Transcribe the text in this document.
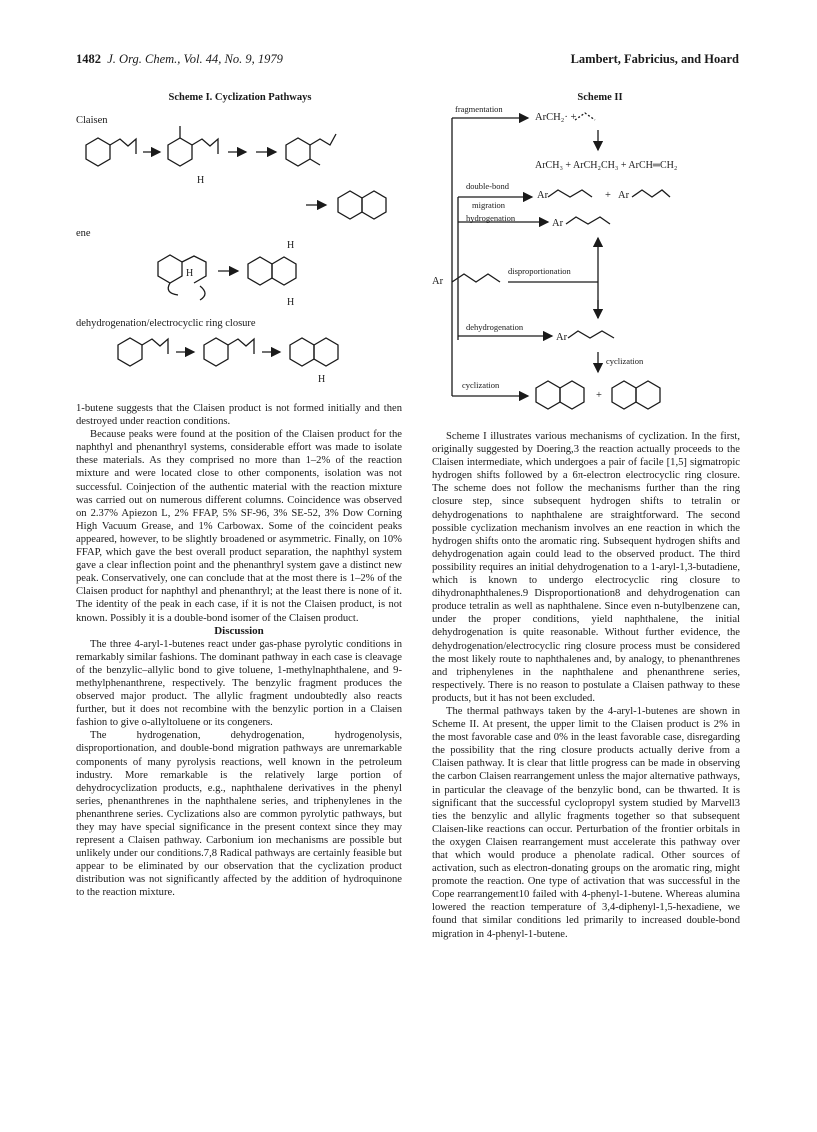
1482 J. Org. Chem., Vol. 44, No. 9, 1979	Lambert, Fabricius, and Hoard
Scheme I. Cyclization Pathways
Claisen
ene
dehydrogenation/electrocyclic ring closure
H
H
H
H
H
Scheme II
fragmentation
ArCH₂· +
ArCH₃ + ArCH₂CH₃ + ArCH═CH₂
double-bond
migration
hydrogenation
Ar	+ Ar
Ar
Ar
disproportionation
dehydrogenation
Ar
cyclization
cyclization
+

1-butene suggests that the Claisen product is not formed initially and then destroyed under reaction conditions.

Because peaks were found at the position of the Claisen product for the naphthyl and phenanthryl systems, considerable effort was made to isolate these materials. As they comprised no more than 1–2% of the reaction mixture and were located close to other components, isolation was not successful. Coinjection of the authentic material with the reaction mixture was carried out on numerous different columns. Coincidence was observed on 2.37% Apiezon L, 2% FFAP, 5% SF-96, 3% SE-52, 3% Dow Corning High Vacuum Grease, and 1% Carbowax. Some of the coincident peaks appeared, however, to be slightly broadened or asymmetric. Finally, on 10% FFAP, which gave the best overall product separation, the naphthyl system gave a clear inflection point and the phenanthryl system gave a distinct new peak. Conservatively, one can conclude that at the most there is 1–2% of the Claisen product for naphthyl and phenanthryl; at the least there is none of it. The identity of the peak in each case, if it is not the Claisen product, is not known. Possibly it is a double-bond isomer of the Claisen product.

Discussion

The three 4-aryl-1-butenes react under gas-phase pyrolytic conditions in remarkably similar fashions. The dominant pathway in each case is cleavage of the benzylic–allylic bond to give toluene, 1-methylnaphthalene, and 9-methylphenanthrene, respectively. The benzylic fragment produces the observed major product. The allylic fragment undoubtedly also reacts further, but it does not recombine with the benzylic portion in a Claisen fashion to give o-allyltoluene or its congeners.

The hydrogenation, dehydrogenation, hydrogenolysis, disproportionation, and double-bond migration pathways are unremarkable components of many pyrolysis reactions, well known in the petroleum industry. More remarkable is the relatively large portion of dehydrocyclization products, e.g., naphthalene derivatives in the phenyl series, phenanthrenes in the naphthalene series, and triphenylenes in the phenanthrene series. Cyclizations also are common pyrolytic pathways, but they may have special significance in the present context since they may represent a Claisen pathway. Carbonium ion mechanisms are possible but unlikely under our conditions.7,8 Radical pathways are certainly feasible but appear to be eliminated by our observation that the cyclization product distribution was not significantly affected by the addition of hydroquinone to the reaction mixture.

Scheme I illustrates various mechanisms of cyclization. In the first, originally suggested by Doering,3 the reaction actually proceeds to the Claisen intermediate, which undergoes a pair of facile [1,5] sigmatropic hydrogen shifts followed by a 6π-electron electrocyclic ring closure. The scheme does not follow the mechanisms further than the ring closure step, since subsequent hydrogen shifts to tetralin or dehydrogenations to naphthalene are straightforward. The second possible cyclization mechanism involves an ene reaction in which the hydrogen shifts onto the aromatic ring. Subsequent hydrogen shifts and dehydrogenation again could lead to the observed product. The third possibility requires an initial dehydrogenation to a 1-aryl-1,3-butadiene, which is known to undergo electrocyclic ring closure to dihydronaphthalenes.9 Disproportionation8 and dehydrogenation can produce tetralin as well as naphthalene. Since even n-butylbenzene can, under the proper conditions, yield naphthalene, the initial dehydrogenation is quite reasonable. Without further evidence, the dehydrogenation/electrocyclic ring closure process must be considered the most likely route to naphthalenes and, by analogy, to phenanthrenes and triphenylenes in the naphthalene and phenanthrene series, respectively. There is no reason to postulate a Claisen pathway to these products, but it has not been excluded.

The thermal pathways taken by the 4-aryl-1-butenes are shown in Scheme II. At present, the upper limit to the Claisen product is 2% in the most favorable case and 0% in the least favorable case, disregarding the possibility that the ring closure products actually derive from a Claisen pathway. It is clear that little progress can be made in observing the carbon Claisen rearrangement unless the major alternative pathways, in particular the cleavage of the benzylic bond, can be thwarted. It is significant that the successful cyclopropyl system studied by Marvell3 ties the benzylic and allylic fragments together so that subsequent Claisen-like reactions can occur. Perturbation of the frontier orbitals in the oxygen Claisen rearrangement must accelerate this pathway over that which would produce a phenolate radical. Other sources of activation, such as electron-donating groups on the aromatic ring, might promote the reaction. One type of activation that was successful in the Cope rearrangement10 failed with 4-phenyl-1-butene. Whereas alumina lowered the reaction temperature of 3,4-diphenyl-1,5-hexadiene, we found that similar conditions led primarily to increased double-bond migration in 4-phenyl-1-butene.
